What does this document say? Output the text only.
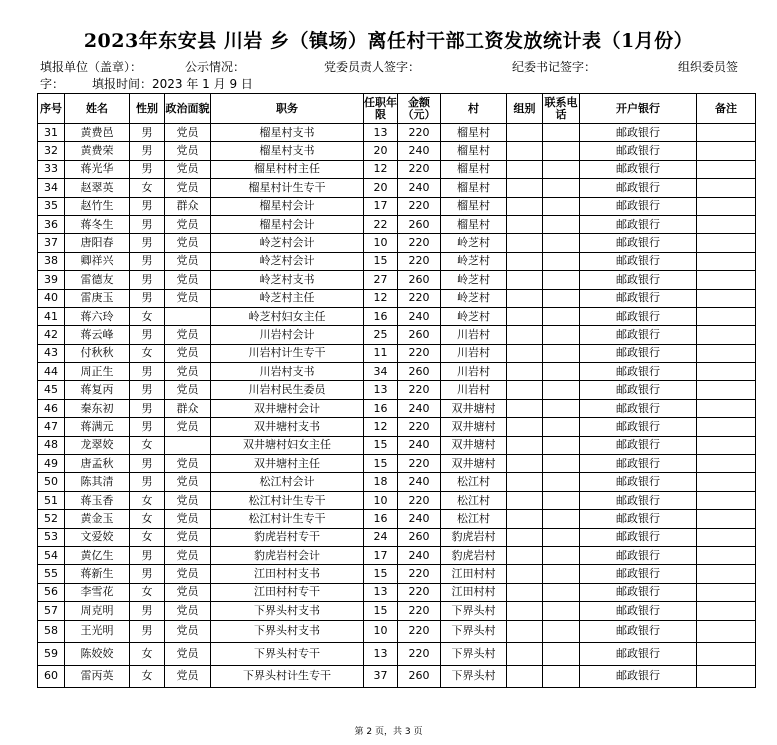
2023年东安县 川岩 乡（镇场）离任村干部工资发放统计表（1月份）
填报单位（盖章）：	公示情况：	党委员责人签字：	纪委书记签字：	组织委员签
字： 填报时间：2023 年 1 月 9 日
序号	姓名	性别	政治面貌	职务	任职年限	金额（元）	村	组别	联系电话	开户银行	备注
31	黄费邑	男	党员	榴星村支书	13	220	榴星村			邮政银行	
32	黄费荣	男	党员	榴星村支书	20	240	榴星村			邮政银行	
33	蒋光华	男	党员	榴星村村主任	12	220	榴星村			邮政银行	
34	赵翠英	女	党员	榴星村计生专干	20	240	榴星村			邮政银行	
35	赵竹生	男	群众	榴星村会计	17	220	榴星村			邮政银行	
36	蒋冬生	男	党员	榴星村会计	22	260	榴星村			邮政银行	
37	唐阳春	男	党员	岭芝村会计	10	220	岭芝村			邮政银行	
38	卿祥兴	男	党员	岭芝村会计	15	220	岭芝村			邮政银行	
39	雷德友	男	党员	岭芝村支书	27	260	岭芝村			邮政银行	
40	雷庚玉	男	党员	岭芝村主任	12	220	岭芝村			邮政银行	
41	蒋六玲	女		岭芝村妇女主任	16	240	岭芝村			邮政银行	
42	蒋云峰	男	党员	川岩村会计	25	260	川岩村			邮政银行	
43	付秋秋	女	党员	川岩村计生专干	11	220	川岩村			邮政银行	
44	周正生	男	党员	川岩村支书	34	260	川岩村			邮政银行	
45	蒋复丙	男	党员	川岩村民生委员	13	220	川岩村			邮政银行	
46	秦东初	男	群众	双井塘村会计	16	240	双井塘村			邮政银行	
47	蒋满元	男	党员	双井塘村支书	12	220	双井塘村			邮政银行	
48	龙翠姣	女		双井塘村妇女主任	15	240	双井塘村			邮政银行	
49	唐孟秋	男	党员	双井塘村主任	15	220	双井塘村			邮政银行	
50	陈其清	男	党员	松江村会计	18	240	松江村			邮政银行	
51	蒋玉香	女	党员	松江村计生专干	10	220	松江村			邮政银行	
52	黄金玉	女	党员	松江村计生专干	16	240	松江村			邮政银行	
53	文爱姣	女	党员	豹虎岩村专干	24	260	豹虎岩村			邮政银行	
54	黄亿生	男	党员	豹虎岩村会计	17	240	豹虎岩村			邮政银行	
55	蒋新生	男	党员	江田村村支书	15	220	江田村村			邮政银行	
56	李雪花	女	党员	江田村村专干	13	220	江田村村			邮政银行	
57	周克明	男	党员	下界头村支书	15	220	下界头村			邮政银行	
58	王光明	男	党员	下界头村支书	10	220	下界头村			邮政银行	
59	陈姣姣	女	党员	下界头村专干	13	220	下界头村			邮政银行	
60	雷丙英	女	党员	下界头村计生专干	37	260	下界头村			邮政银行	
第 2 页，共 3 页
